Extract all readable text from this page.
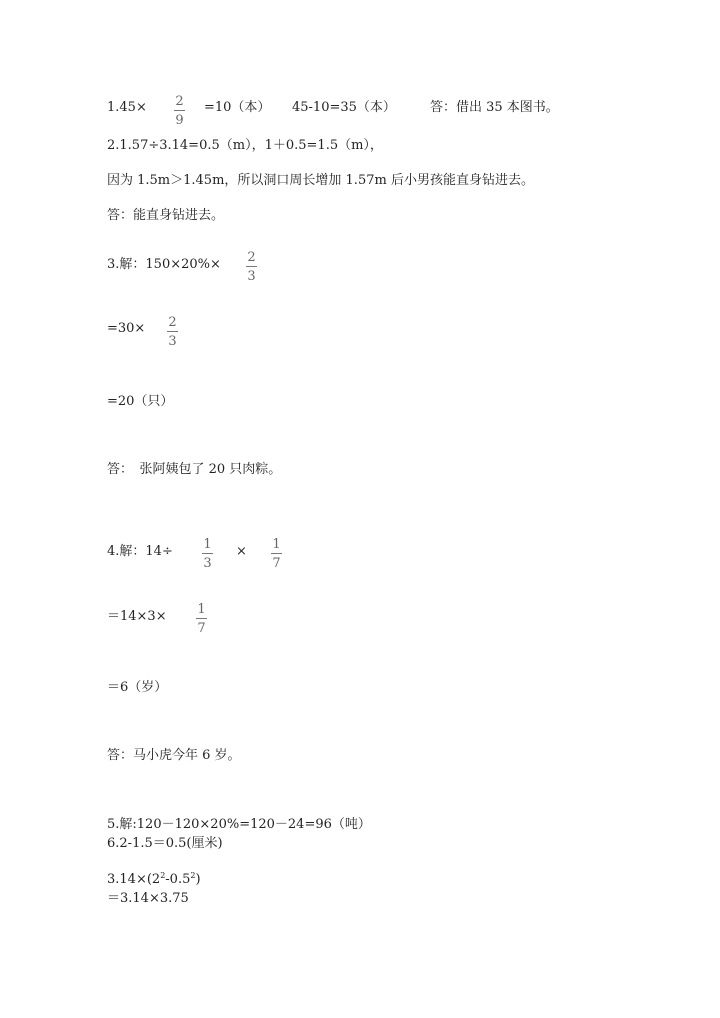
1.45× 2
9
=10（本） 45-10=35（本）	答：借出 35 本图书。
2.1.57÷3.14=0.5（m），1＋0.5=1.5（m），
因为 1.5m＞1.45m，所以洞口周长增加 1.57m 后小男孩能直身钻进去。
答：能直身钻进去。
3.解：150×20%× 2
3
=30× 2
3
=20（只）
答：　张阿姨包了 20 只肉粽。
4.解：14÷ 1
3
× 1
7
＝14×3× 1
7
＝6（岁）
答：马小虎今年 6 岁。
5.解:120－120×20%=120－24=96（吨）
6.2-1.5＝0.5(厘米)
$3.14\times(2^2-0.5^2)$
＝3.14×3.75
